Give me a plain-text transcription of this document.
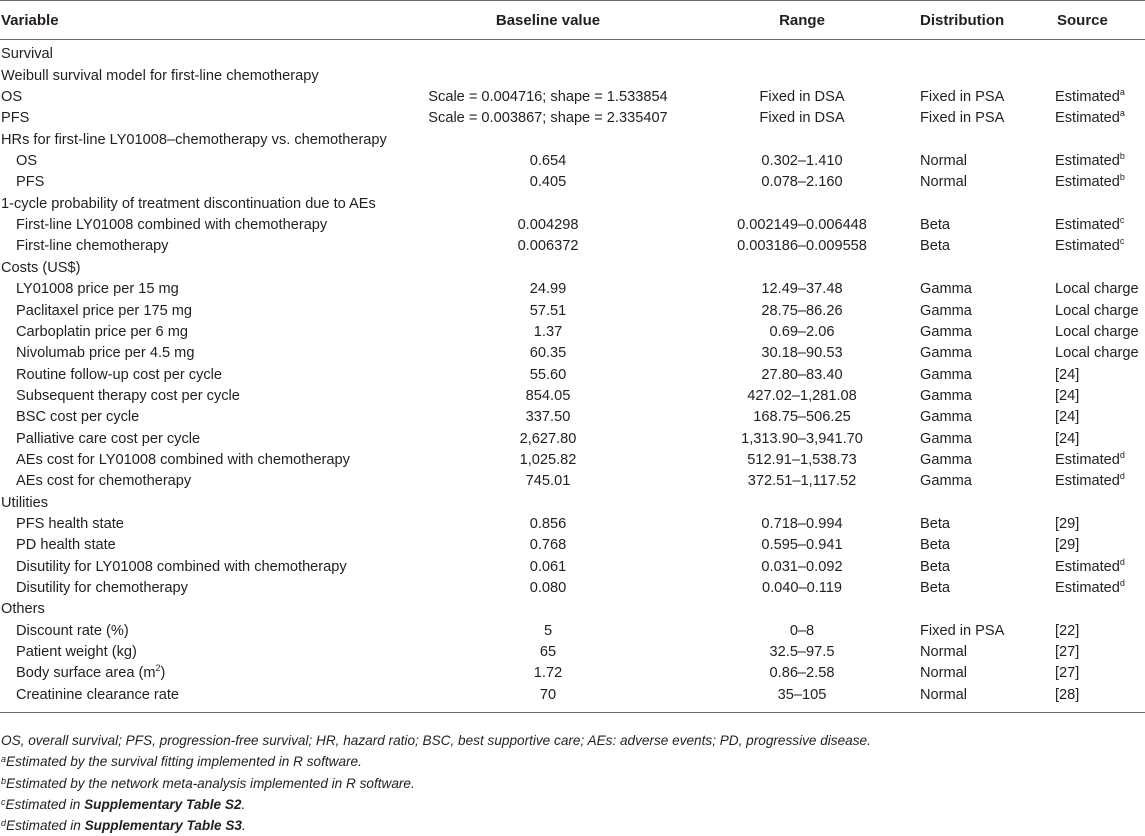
Variable	Baseline value	Range	Distribution	Source
Survival				
Weibull survival model for first-line chemotherapy				
OS	Scale = 0.004716; shape = 1.533854	Fixed in DSA	Fixed in PSA	Estimated$^a$
PFS	Scale = 0.003867; shape = 2.335407	Fixed in DSA	Fixed in PSA	Estimated$^a$
HRs for first-line LY01008–chemotherapy vs. chemotherapy				
OS	0.654	0.302–1.410	Normal	Estimated$^b$
PFS	0.405	0.078–2.160	Normal	Estimated$^b$
1-cycle probability of treatment discontinuation due to AEs				
First-line LY01008 combined with chemotherapy	0.004298	0.002149–0.006448	Beta	Estimated$^c$
First-line chemotherapy	0.006372	0.003186–0.009558	Beta	Estimated$^c$
Costs (US$)				
LY01008 price per 15 mg	24.99	12.49–37.48	Gamma	Local charge
Paclitaxel price per 175 mg	57.51	28.75–86.26	Gamma	Local charge
Carboplatin price per 6 mg	1.37	0.69–2.06	Gamma	Local charge
Nivolumab price per 4.5 mg	60.35	30.18–90.53	Gamma	Local charge
Routine follow-up cost per cycle	55.60	27.80–83.40	Gamma	[24]
Subsequent therapy cost per cycle	854.05	427.02–1,281.08	Gamma	[24]
BSC cost per cycle	337.50	168.75–506.25	Gamma	[24]
Palliative care cost per cycle	2,627.80	1,313.90–3,941.70	Gamma	[24]
AEs cost for LY01008 combined with chemotherapy	1,025.82	512.91–1,538.73	Gamma	Estimated$^d$
AEs cost for chemotherapy	745.01	372.51–1,117.52	Gamma	Estimated$^d$
Utilities				
PFS health state	0.856	0.718–0.994	Beta	[29]
PD health state	0.768	0.595–0.941	Beta	[29]
Disutility for LY01008 combined with chemotherapy	0.061	0.031–0.092	Beta	Estimated$^d$
Disutility for chemotherapy	0.080	0.040–0.119	Beta	Estimated$^d$
Others				
Discount rate (%)	5	0–8	Fixed in PSA	[22]
Patient weight (kg)	65	32.5–97.5	Normal	[27]
Body surface area $(m^2)$	1.72	0.86–2.58	Normal	[27]
Creatinine clearance rate	70	35–105	Normal	[28]
OS, overall survival; PFS, progression-free survival; HR, hazard ratio; BSC, best supportive care; AEs: adverse events; PD, progressive disease.
$^a$Estimated by the survival fitting implemented in R software.
$^b$Estimated by the network meta-analysis implemented in R software.
$^c$Estimated in Supplementary Table S2.
$^d$Estimated in Supplementary Table S3.
